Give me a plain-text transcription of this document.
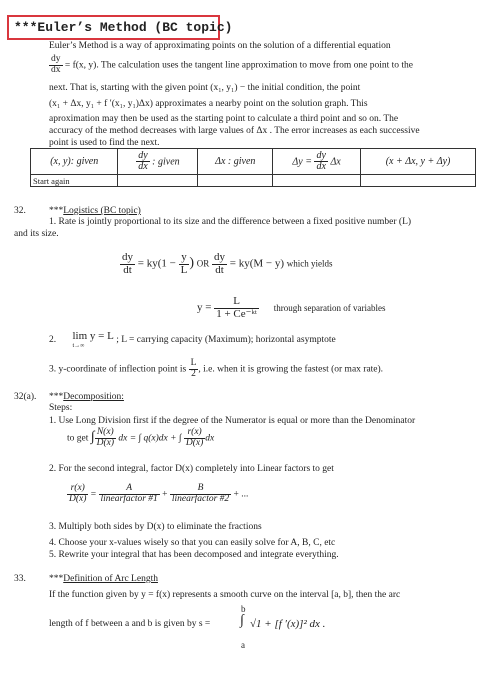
***Euler’s Method (BC topic)
Euler’s Method is a way of approximating points on the solution of a differential equation
$\frac{dy}{dx} = f(x$, y). The calculation uses the tangent line approximation to move from one point to the
next. That is, starting with the given point (x₁, y₁) − the initial condition, the point
(x₁ + Δx, y₁ + f ′(x₁, y₁)Δx) approximates a nearby point on the solution graph. This
aproximation may then be used as the starting point to calculate a third point and so on. The
accuracy of the method decreases with large values of Δx . The error increases as each successive
point is used to find the next.
(x, y): given	$\frac{dy}{dx}$ : given	Δx : given	$\Delta y = \frac{dy}{dx}$ Δx	(x + Δx, y + Δy)
Start again				
32. ***Logistics (BC topic)
1. Rate is jointly proportional to its size and the difference between a fixed positive number (L)
and its size.
$\frac{dy}{dt} = ky(1 - \frac{y}{L}$ ) OR $\frac{dy}{dt} = ky(M - y)$ which yields
$y = \frac{L}{\text{1 + Ce⁻ᵏᵗ}}$ through separation of variables
2. lim y = L
t→∞
; L = carrying capacity (Maximum); horizontal asymptote
3. y-coordinate of inflection point is $\frac{L}{2}$ , i.e. when it is growing the fastest (or max rate).
32(a). ***Decomposition:
Steps:
1. Use Long Division first if the degree of the Numerator is equal or more than the Denominator
to get ∫ $\frac{N(x)}{D(x)}$ dx = ∫ q(x)dx + ∫ $\frac{r(x)}{D(x)}$ dx
2. For the second integral, factor D(x) completely into Linear factors to get
$\frac{r(x)}{D(x)} = \frac{A}{\text{linearfactor \#1}} + \frac{B}{\text{linearfactor \#2}}$ + ...
3. Multiply both sides by D(x) to eliminate the fractions
4. Choose your x-values wisely so that you can easily solve for A, B, C, etc
5. Rewrite your integral that has been decomposed and integrate everything.
33. ***Definition of Arc Length
If the function given by y = f(x) represents a smooth curve on the interval [a, b], then the arc
length of f between a and b is given by s =
b
∫
a
√1 + [f ′(x)]² dx .
